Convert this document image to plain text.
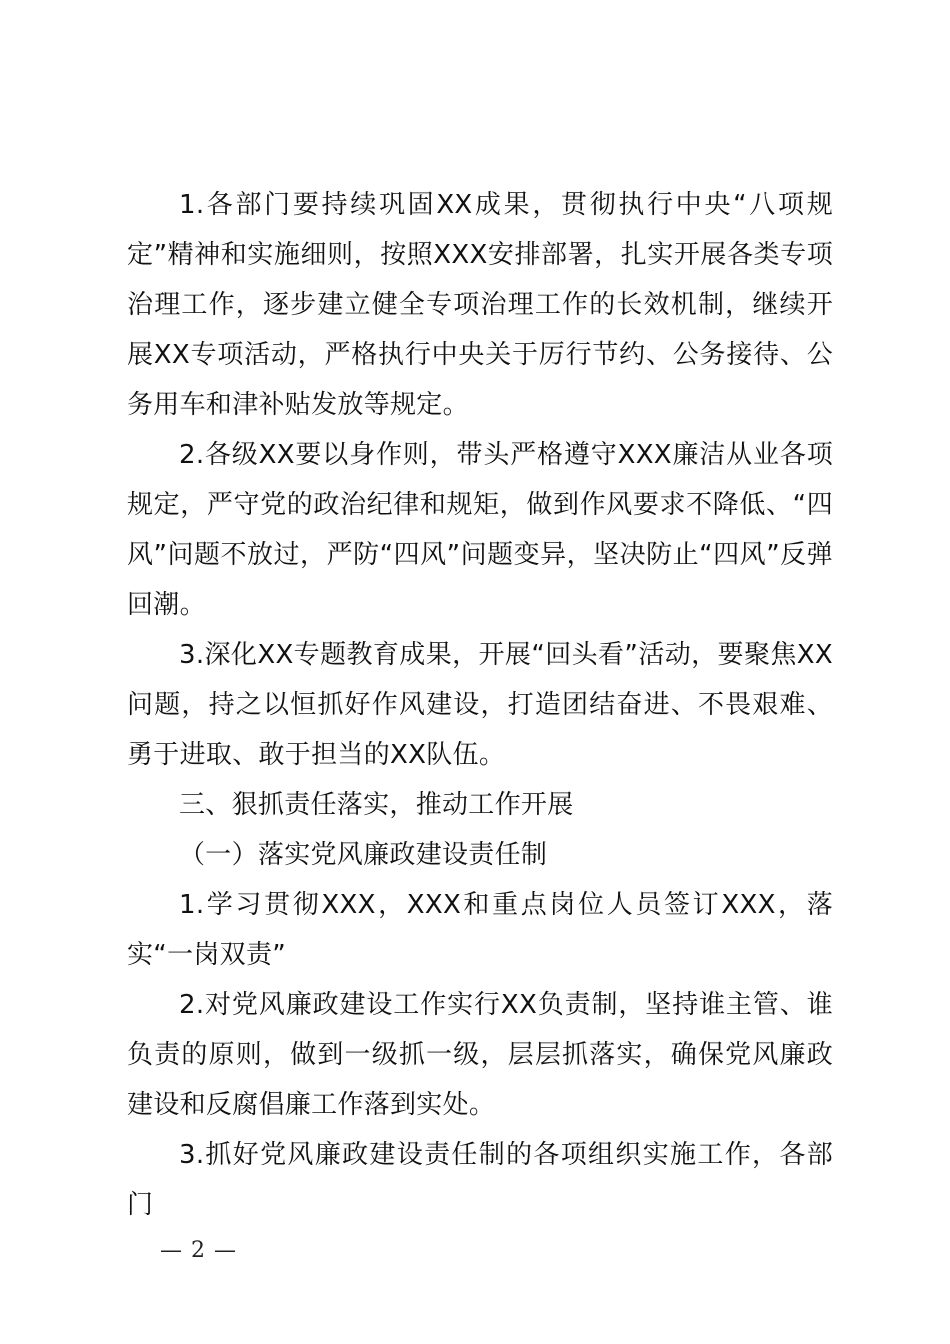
1.各部门要持续巩固XX成果，贯彻执行中央“八项规定”精神和实施细则，按照XXX安排部署，扎实开展各类专项治理工作，逐步建立健全专项治理工作的长效机制，继续开展XX专项活动，严格执行中央关于厉行节约、公务接待、公务用车和津补贴发放等规定。

2.各级XX要以身作则，带头严格遵守XXX廉洁从业各项规定，严守党的政治纪律和规矩，做到作风要求不降低、“四风”问题不放过，严防“四风”问题变异，坚决防止“四风”反弹回潮。

3.深化XX专题教育成果，开展“回头看”活动，要聚焦XX问题，持之以恒抓好作风建设，打造团结奋进、不畏艰难、勇于进取、敢于担当的XX队伍。

三、狠抓责任落实，推动工作开展

（一）落实党风廉政建设责任制

1.学习贯彻XXX，XXX和重点岗位人员签订XXX，落实“一岗双责”

2.对党风廉政建设工作实行XX负责制，坚持谁主管、谁负责的原则，做到一级抓一级，层层抓落实，确保党风廉政建设和反腐倡廉工作落到实处。

3.抓好党风廉政建设责任制的各项组织实施工作，各部门

— 2 —
